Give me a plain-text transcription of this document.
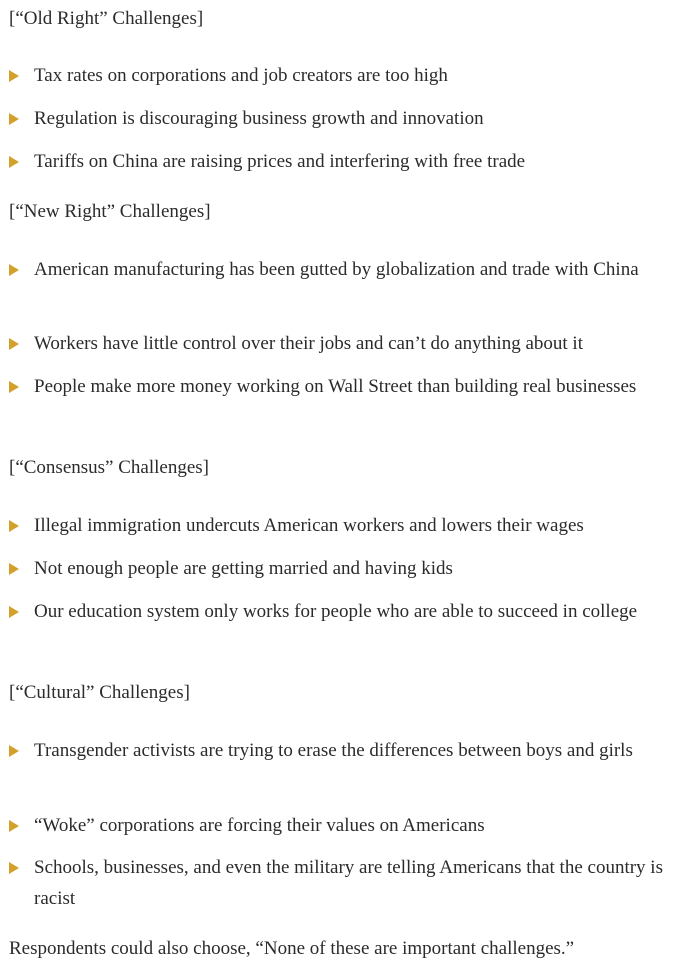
[“Old Right” Challenges]
Tax rates on corporations and job creators are too high
Regulation is discouraging business growth and innovation
Tariffs on China are raising prices and interfering with free trade
[“New Right” Challenges]
American manufacturing has been gutted by globalization and trade with China
Workers have little control over their jobs and can’t do anything about it
People make more money working on Wall Street than building real businesses
[“Consensus” Challenges]
Illegal immigration undercuts American workers and lowers their wages
Not enough people are getting married and having kids
Our education system only works for people who are able to succeed in college
[“Cultural” Challenges]
Transgender activists are trying to erase the differences between boys and girls
“Woke” corporations are forcing their values on Americans
Schools, businesses, and even the military are telling Americans that the country is racist

Respondents could also choose, “None of these are important challenges.”
